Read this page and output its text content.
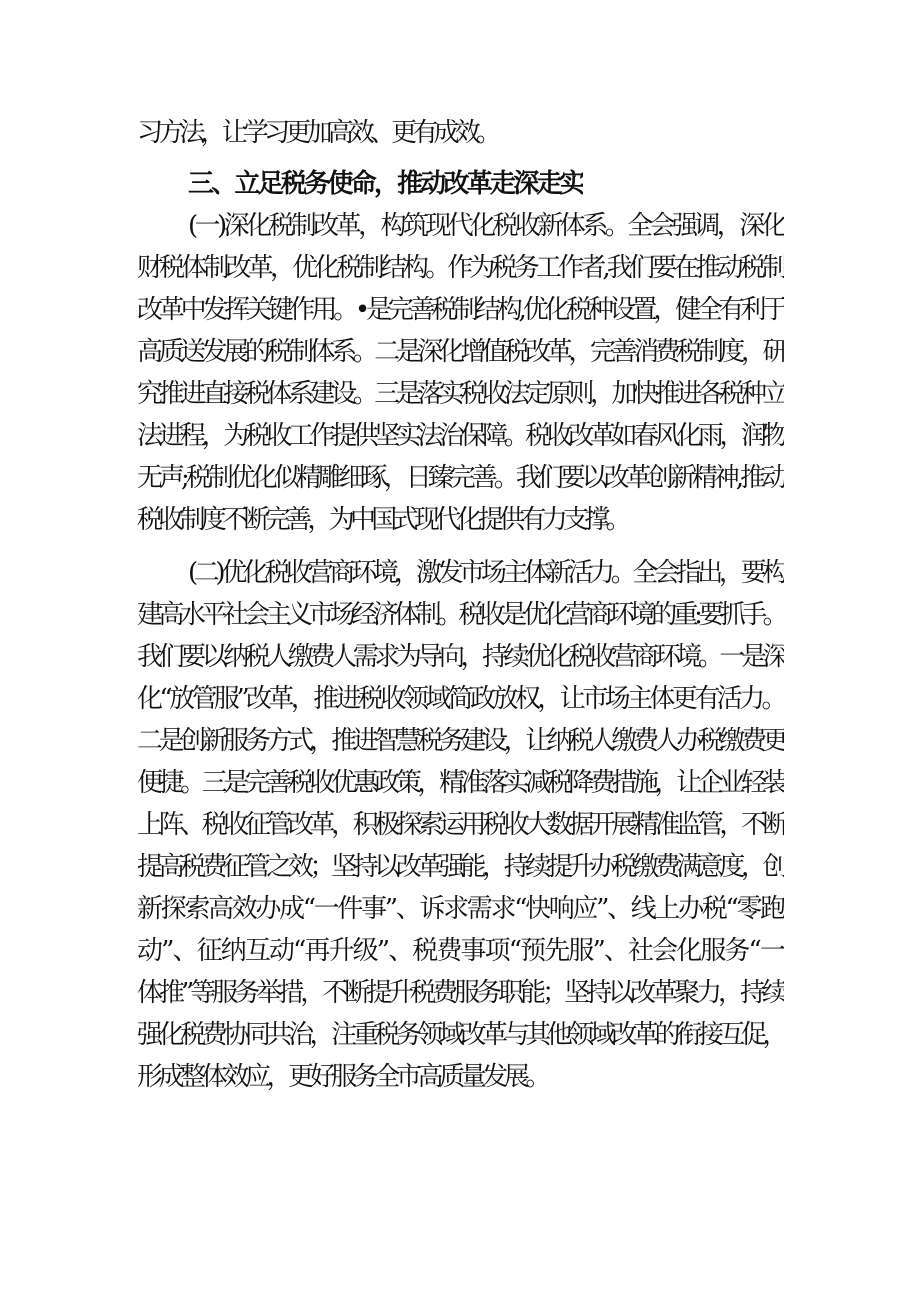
习方法，让学习更加高效、更有成效。
三、立足税务使命，推动改革走深走实
(一)深化税制改革，构筑现代化税收新体系。全会强调，深化
财税体制改革，优化税制结构。作为税务工作者,我们要在推动税制
改革中发挥关键作用。•是完善税制结构,优化税种设置，健全有利于
高质送发展的税制体系。二是深化增值税改革，完善消费税制度，研
究推进直接税体系建设。三是落实税收法定原则，加快推进各税种立
法进程，为税收工作提供坚实法治保障。税收改革如春风化雨，润物
无声;税制优化似精雕细琢，日臻完善。我们要以改革创新精神,推动
税收制度不断完善，为中国式现代化提供有力支撑。
(二)优化税收营商环境，激发市场主体新活力。全会指出，要构
建高水平社会主义市场经济体制。税收是优化营商环境的重:要抓手。
我们要以纳税人缴费人需求为导向，持续优化税收营商环境。一是深
化“放管服”改革，推进税收领域简政放权，让市场主体更有活力。
二是创新服务方式，推进智慧税务建设，让纳税人缴费人办税缴费更
便捷。三是完善税收优惠政策，精准落实减税降费措施，让企业轻装
上阵、税收征管改革，积极探索运用税收大数据开展精准监管，不断
提高税费征管之效；坚持以改革强能，持续提升办税缴费满意度，创
新探索高效办成“一件事”、诉求需求“快响应”、线上办税“零跑
动”、征纳互动“再升级”、税费事项“预先服”、社会化服务“一
体推”等服务举措，不断提升税费服务职能；坚持以改革聚力，持续
强化税费协同共治，注重税务领域改革与其他领域改革的衔接互促，
形成整体效应，更好服务全市高质量发展。
